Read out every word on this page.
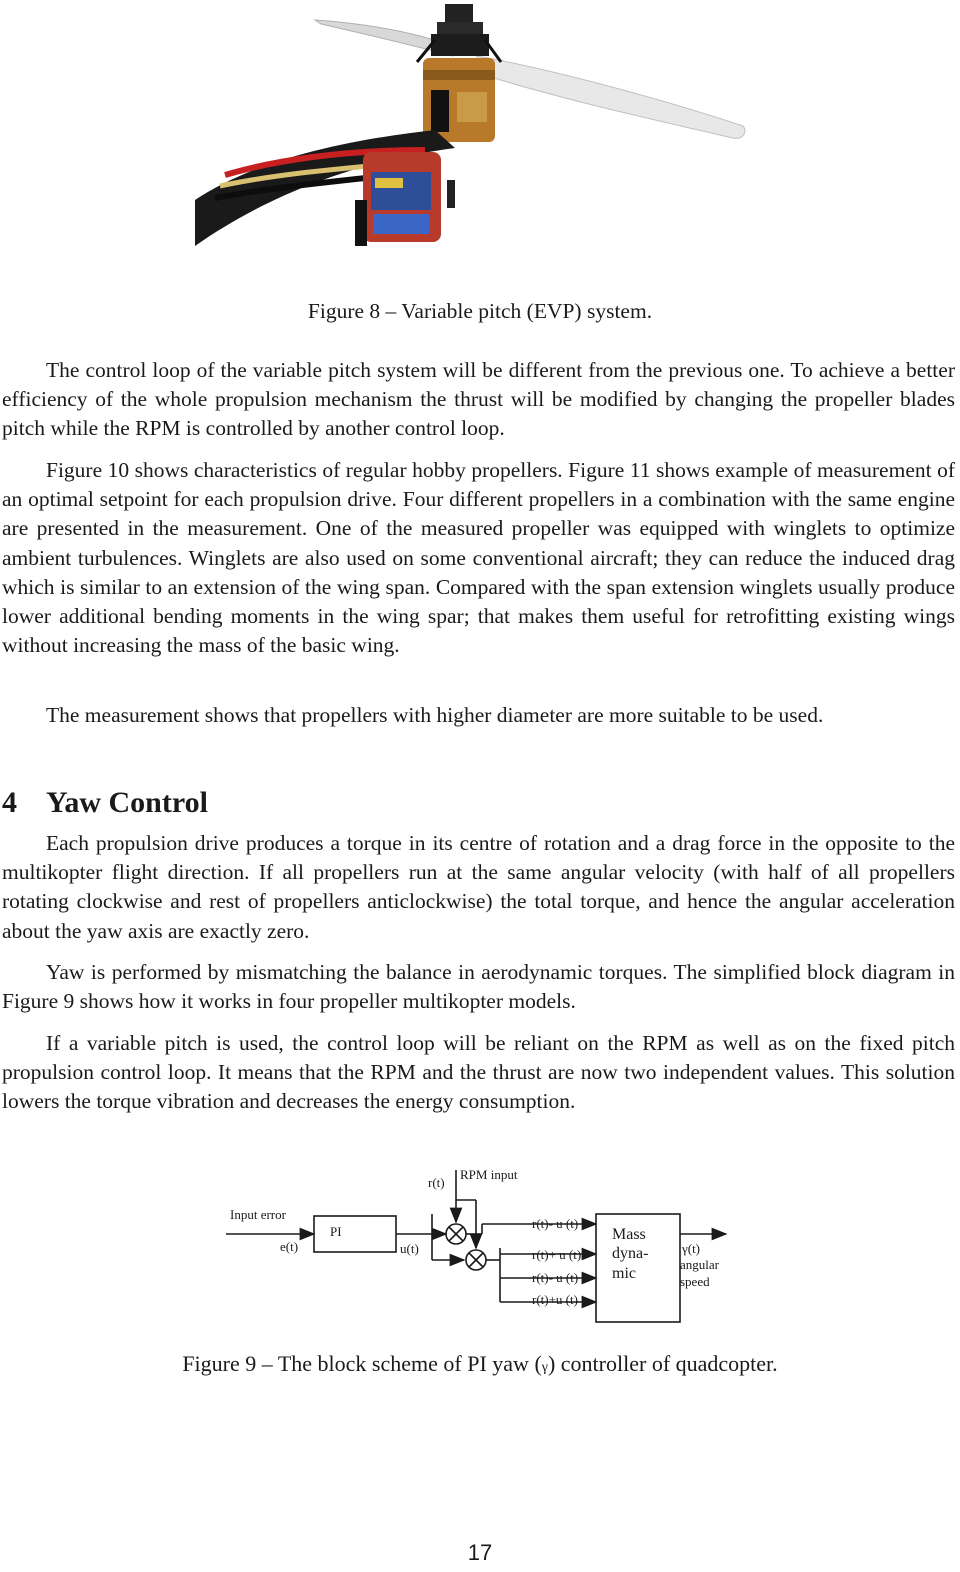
Figure 8 – Variable pitch (EVP) system.

The control loop of the variable pitch system will be different from the previous one. To achieve a better efficiency of the whole propulsion mechanism the thrust will be modified by changing the propeller blades pitch while the RPM is controlled by another control loop.

Figure 10 shows characteristics of regular hobby propellers. Figure 11 shows example of measurement of an optimal setpoint for each propulsion drive. Four different propellers in a combination with the same engine are presented in the measurement. One of the measured propeller was equipped with winglets to optimize ambient turbulences. Winglets are also used on some conventional aircraft; they can reduce the induced drag which is similar to an extension of the wing span. Compared with the span extension winglets usually produce lower additional bending moments in the wing spar; that makes them useful for retrofitting existing wings without increasing the mass of the basic wing.

The measurement shows that propellers with higher diameter are more suitable to be used.

4 Yaw Control

Each propulsion drive produces a torque in its centre of rotation and a drag force in the opposite to the multikopter flight direction. If all propellers run at the same angular velocity (with half of all propellers rotating clockwise and rest of propellers anticlockwise) the total torque, and hence the angular acceleration about the yaw axis are exactly zero.

Yaw is performed by mismatching the balance in aerodynamic torques. The simplified block diagram in Figure 9 shows how it works in four propeller multikopter models.

If a variable pitch is used, the control loop will be reliant on the RPM as well as on the fixed pitch propulsion control loop. It means that the RPM and the thrust are now two independent values. This solution lowers the torque vibration and decreases the energy consumption.

r(t)
RPM input
Input error
e(t)
PI
u(t)
r(t)- u (t)
r(t)+ u (t)
r(t)- u (t)
r(t)+u (t)
Mass
dyna-
mic
γ(t)
angular
speed
Figure 9 – The block scheme of PI yaw (γ) controller of quadcopter.
17
